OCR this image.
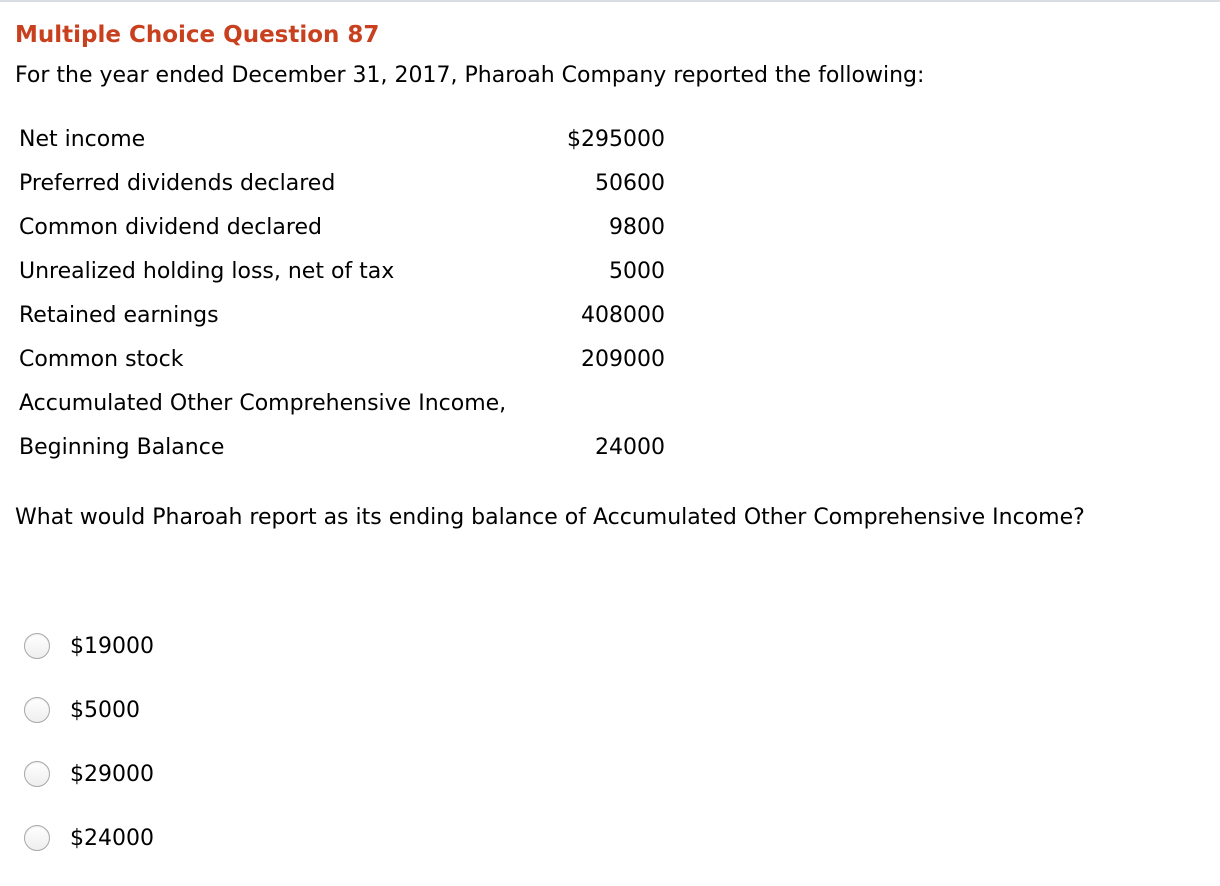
Multiple Choice Question 87
For the year ended December 31, 2017, Pharoah Company reported the following:
Net income	$295000
Preferred dividends declared	50600
Common dividend declared	9800
Unrealized holding loss, net of tax	5000
Retained earnings	408000
Common stock	209000
Accumulated Other Comprehensive Income,
Beginning Balance	24000
What would Pharoah report as its ending balance of Accumulated Other Comprehensive Income?
$19000
$5000
$29000
$24000
